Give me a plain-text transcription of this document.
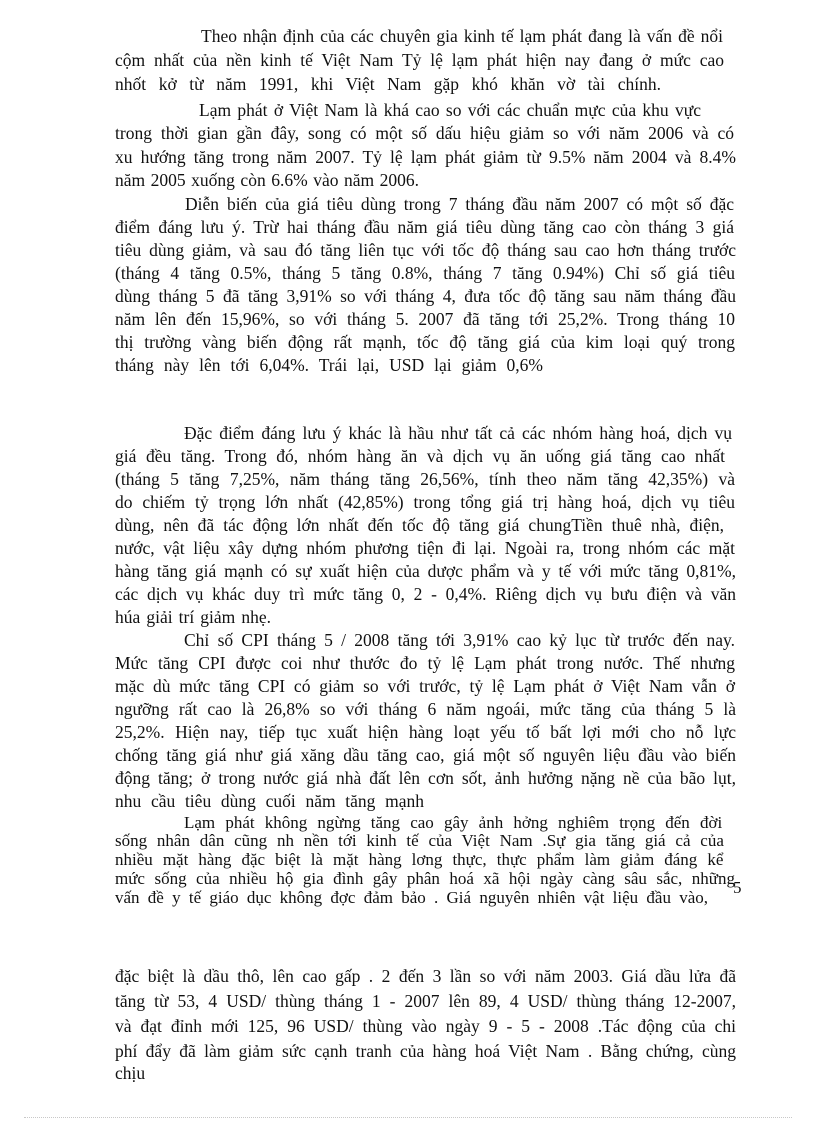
Theo nhận định của các chuyên gia kinh tế lạm phát đang là vấn đề nổi

cộm nhất của nền kinh tế Việt Nam Tỷ lệ lạm phát hiện nay đang ở mức cao

nhốt kở từ năm 1991, khi Việt Nam gặp khó khăn vờ tài chính.

Lạm phát ở Việt Nam là khá cao so với các chuẩn mực của khu vực

trong thời gian gần đây, song có một số dấu hiệu giảm so với năm 2006 và có

xu hướng tăng trong năm 2007. Tỷ lệ lạm phát giảm từ 9.5% năm 2004 và 8.4%

năm 2005 xuống còn 6.6% vào năm 2006.

Diễn biến của giá tiêu dùng trong 7 tháng đầu năm 2007 có một số đặc

điểm đáng lưu ý. Trừ hai tháng đầu năm giá tiêu dùng tăng cao còn tháng 3 giá

tiêu dùng giảm, và sau đó tăng liên tục với tốc độ tháng sau cao hơn tháng trước

(tháng 4 tăng 0.5%, tháng 5 tăng 0.8%, tháng 7 tăng 0.94%) Chỉ số giá tiêu

dùng tháng 5 đã tăng 3,91% so với tháng 4, đưa tốc độ tăng sau năm tháng đầu

năm lên đến 15,96%, so với tháng 5. 2007 đã tăng tới 25,2%. Trong tháng 10

thị trường vàng biến động rất mạnh, tốc độ tăng giá của kim loại quý trong

tháng này lên tới 6,04%. Trái lại, USD lại giảm 0,6%

Đặc điểm đáng lưu ý khác là hầu như tất cả các nhóm hàng hoá, dịch vụ

giá đều tăng. Trong đó, nhóm hàng ăn và dịch vụ ăn uống giá tăng cao nhất

(tháng 5 tăng 7,25%, năm tháng tăng 26,56%, tính theo năm tăng 42,35%) và

do chiếm tỷ trọng lớn nhất (42,85%) trong tổng giá trị hàng hoá, dịch vụ tiêu

dùng, nên đã tác động lớn nhất đến tốc độ tăng giá chungTiền thuê nhà, điện,

nước, vật liệu xây dựng nhóm phương tiện đi lại. Ngoài ra, trong nhóm các mặt

hàng tăng giá mạnh có sự xuất hiện của dược phẩm và y tế với mức tăng 0,81%,

các dịch vụ khác duy trì mức tăng 0, 2 - 0,4%. Riêng dịch vụ bưu điện và văn

húa giải trí giảm nhẹ.

Chỉ số CPI tháng 5 / 2008 tăng tới 3,91% cao kỷ lục từ trước đến nay.

Mức tăng CPI được coi như thước đo tỷ lệ Lạm phát trong nước. Thế nhưng

mặc dù mức tăng CPI có giảm so với trước, tỷ lệ Lạm phát ở Việt Nam vẫn ở

ngưỡng rất cao là 26,8% so với tháng 6 năm ngoái, mức tăng của tháng 5 là

25,2%. Hiện nay, tiếp tục xuất hiện hàng loạt yếu tố bất lợi mới cho nỗ lực

chống tăng giá như giá xăng dầu tăng cao, giá một số nguyên liệu đầu vào biến

động tăng; ở trong nước giá nhà đất lên cơn sốt, ảnh hưởng nặng nề của bão lụt,

nhu cầu tiêu dùng cuối năm tăng mạnh

Lạm phát không ngừng tăng cao gây ảnh hởng nghiêm trọng đến đời

sống nhân dân cũng nh nền tới kinh tế của Việt Nam .Sự gia tăng giá cả của

nhiều mặt hàng đặc biệt là mặt hàng lơng thực, thực phẩm làm giảm đáng kể

mức sống của nhiều hộ gia đình gây phân hoá xã hội ngày càng sâu sắc, những

vấn đề y tế giáo dục không đợc đảm bảo . Giá nguyên nhiên vật liệu đầu vào,

5

đặc biệt là dầu thô, lên cao gấp . 2 đến 3 lần so với năm 2003. Giá dầu lửa đã

tăng từ 53, 4 USD/ thùng tháng 1 - 2007 lên 89, 4 USD/ thùng tháng 12-2007,

và đạt đỉnh mới 125, 96 USD/ thùng vào ngày 9 - 5 - 2008 .Tác động của chi

phí đẩy đã làm giảm sức cạnh tranh của hàng hoá Việt Nam . Bằng chứng, cùng

chịu
